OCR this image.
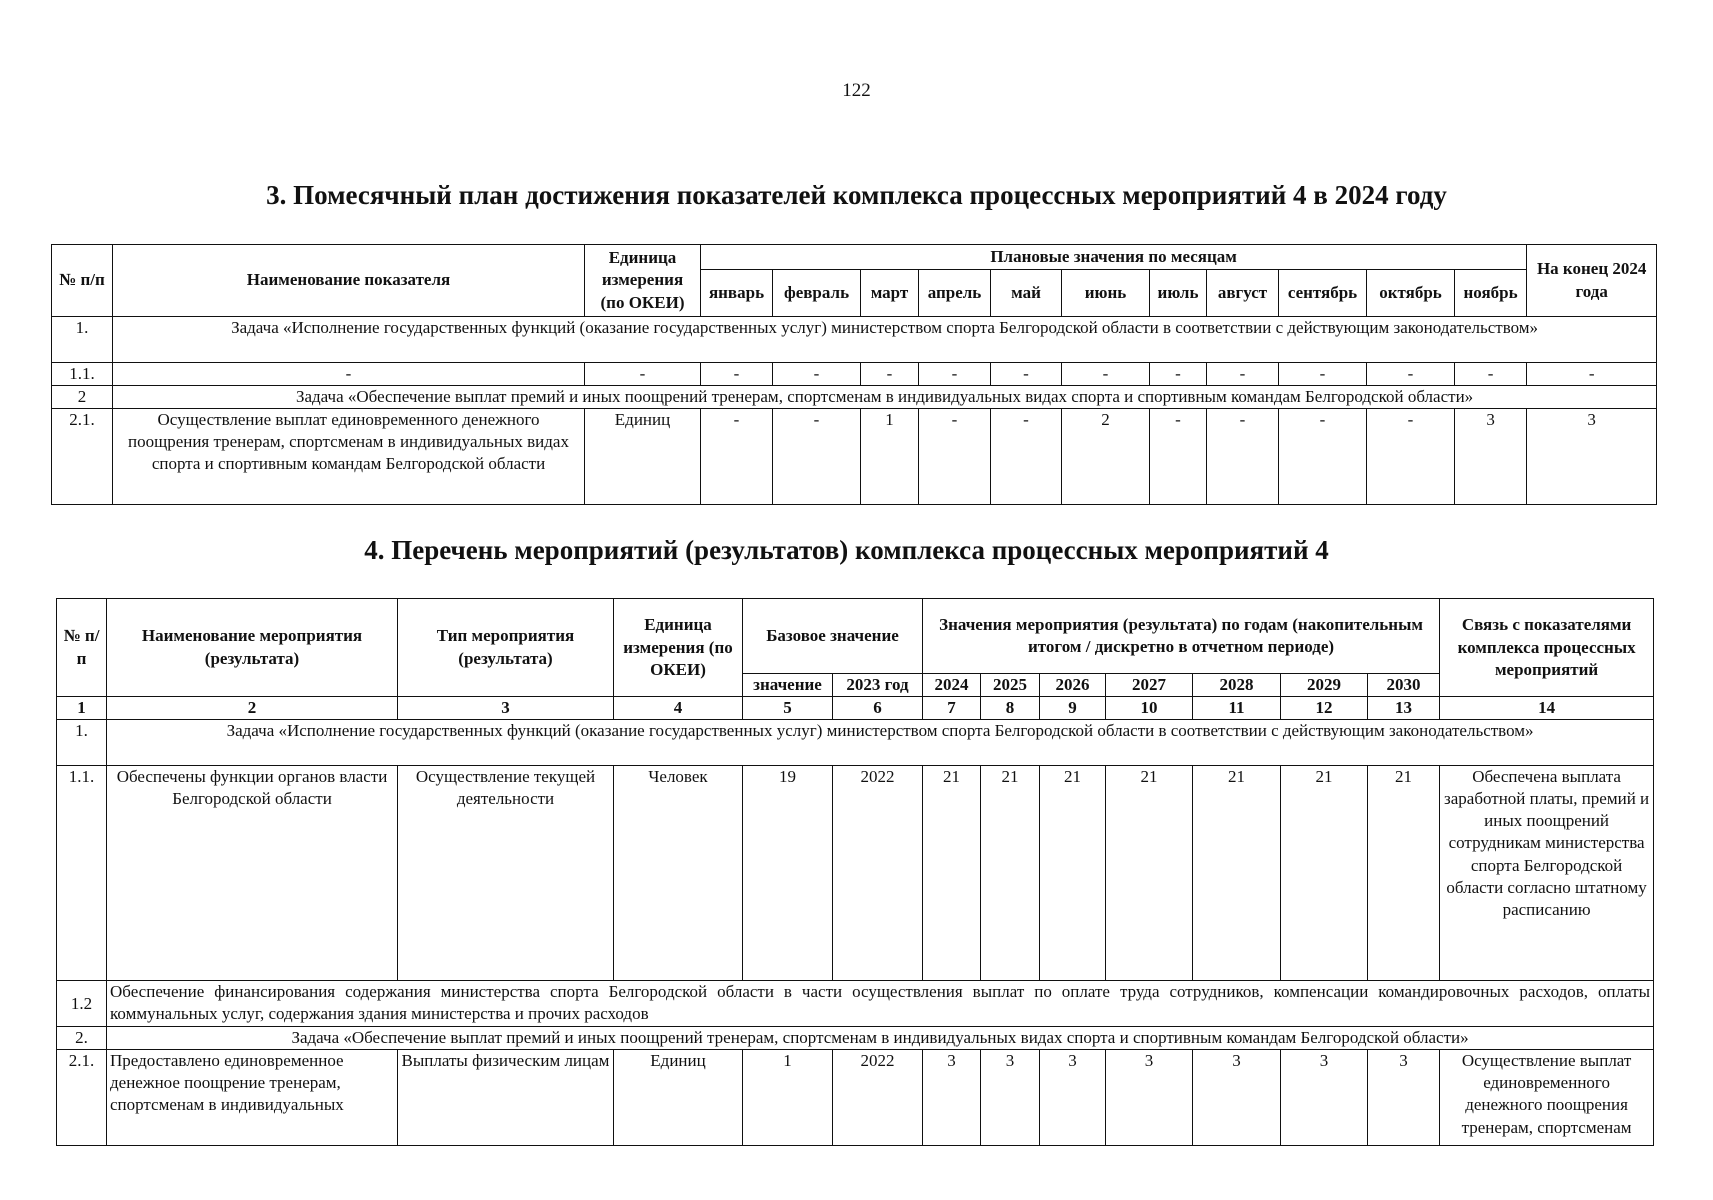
122
3. Помесячный план достижения показателей комплекса процессных мероприятий 4 в 2024 году
№ п/п	Наименование показателя	Единица измерения (по ОКЕИ)	Плановые значения по месяцам											На конец 2024 года
			январь	февраль	март	апрель	май	июнь	июль	август	сентябрь	октябрь	ноябрь	
1.	Задача «Исполнение государственных функций (оказание государственных услуг) министерством спорта Белгородской области в соответствии с действующим законодательством»													
1.1.	-	-	-	-	-	-	-	-	-	-	-	-	-	-
2	Задача «Обеспечение выплат премий и иных поощрений тренерам, спортсменам в индивидуальных видах спорта и спортивным командам Белгородской области»													
2.1.	Осуществление выплат единовременного денежного поощрения тренерам, спортсменам в индивидуальных видах спорта и спортивным командам Белгородской области	Единиц	-	-	1	-	-	2	-	-	-	-	3	3
4. Перечень мероприятий (результатов) комплекса процессных мероприятий 4
№ п/п	Наименование мероприятия (результата)	Тип мероприятия (результата)	Единица измерения (по ОКЕИ)	Базовое значение		Значения мероприятия (результата) по годам (накопительным итогом / дискретно в отчетном периоде)							Связь с показателями комплекса процессных мероприятий
				значение	2023 год	2024	2025	2026	2027	2028	2029	2030	
1	2	3	4	5	6	7	8	9	10	11	12	13	14
1.	Задача «Исполнение государственных функций (оказание государственных услуг) министерством спорта Белгородской области в соответствии с действующим законодательством»												
1.1.	Обеспечены функции органов власти Белгородской области	Осуществление текущей деятельности	Человек	19	2022	21	21	21	21	21	21	21	Обеспечена выплата заработной платы, премий и иных поощрений сотрудникам министерства спорта Белгородской области согласно штатному расписанию
1.2	Обеспечение финансирования содержания министерства спорта Белгородской области в части осуществления выплат по оплате труда сотрудников, компенсации командировочных расходов, оплаты коммунальных услуг, содержания здания министерства и прочих расходов												
2.	Задача «Обеспечение выплат премий и иных поощрений тренерам, спортсменам в индивидуальных видах спорта и спортивным командам Белгородской области»												
2.1.	Предоставлено единовременное денежное поощрение тренерам, спортсменам в индивидуальных	Выплаты физическим лицам	Единиц	1	2022	3	3	3	3	3	3	3	Осуществление выплат единовременного денежного поощрения тренерам, спортсменам
